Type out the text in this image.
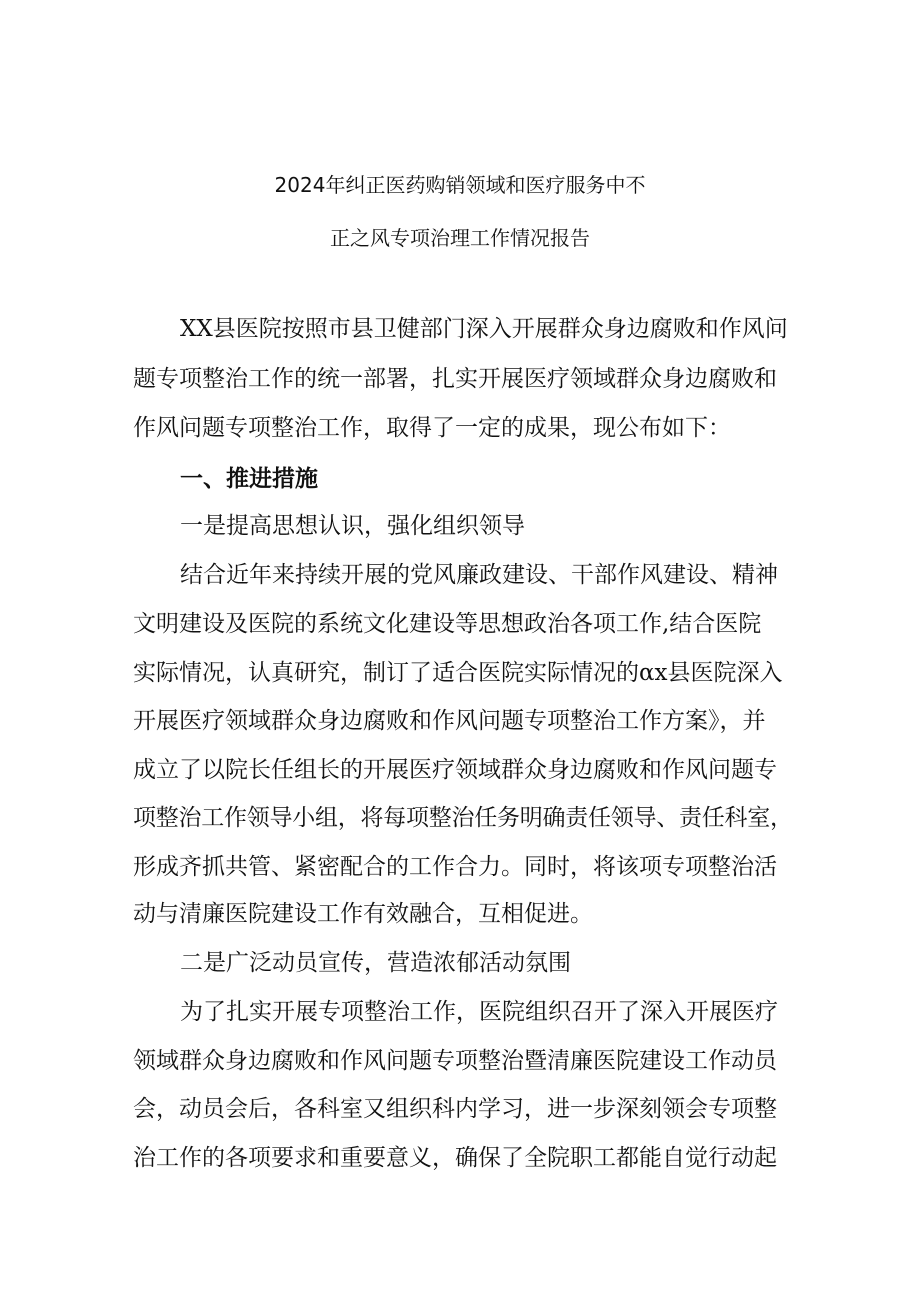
2024年纠正医药购销领域和医疗服务中不
正之风专项治理工作情况报告
XX县医院按照市县卫健部门深入开展群众身边腐败和作风问
题专项整治工作的统一部署，扎实开展医疗领域群众身边腐败和
作风问题专项整治工作，取得了一定的成果，现公布如下：
一、推进措施
一是提高思想认识，强化组织领导
结合近年来持续开展的党风廉政建设、干部作风建设、精神
文明建设及医院的系统文化建设等思想政治各项工作,结合医院
实际情况，认真研究，制订了适合医院实际情况的αx县医院深入
开展医疗领域群众身边腐败和作风问题专项整治工作方案》，并
成立了以院长任组长的开展医疗领域群众身边腐败和作风问题专
项整治工作领导小组，将每项整治任务明确责任领导、责任科室，
形成齐抓共管、紧密配合的工作合力。同时，将该项专项整治活
动与清廉医院建设工作有效融合，互相促进。
二是广泛动员宣传，营造浓郁活动氛围
为了扎实开展专项整治工作，医院组织召开了深入开展医疗
领域群众身边腐败和作风问题专项整治暨清廉医院建设工作动员
会，动员会后，各科室又组织科内学习，进一步深刻领会专项整
治工作的各项要求和重要意义，确保了全院职工都能自觉行动起
